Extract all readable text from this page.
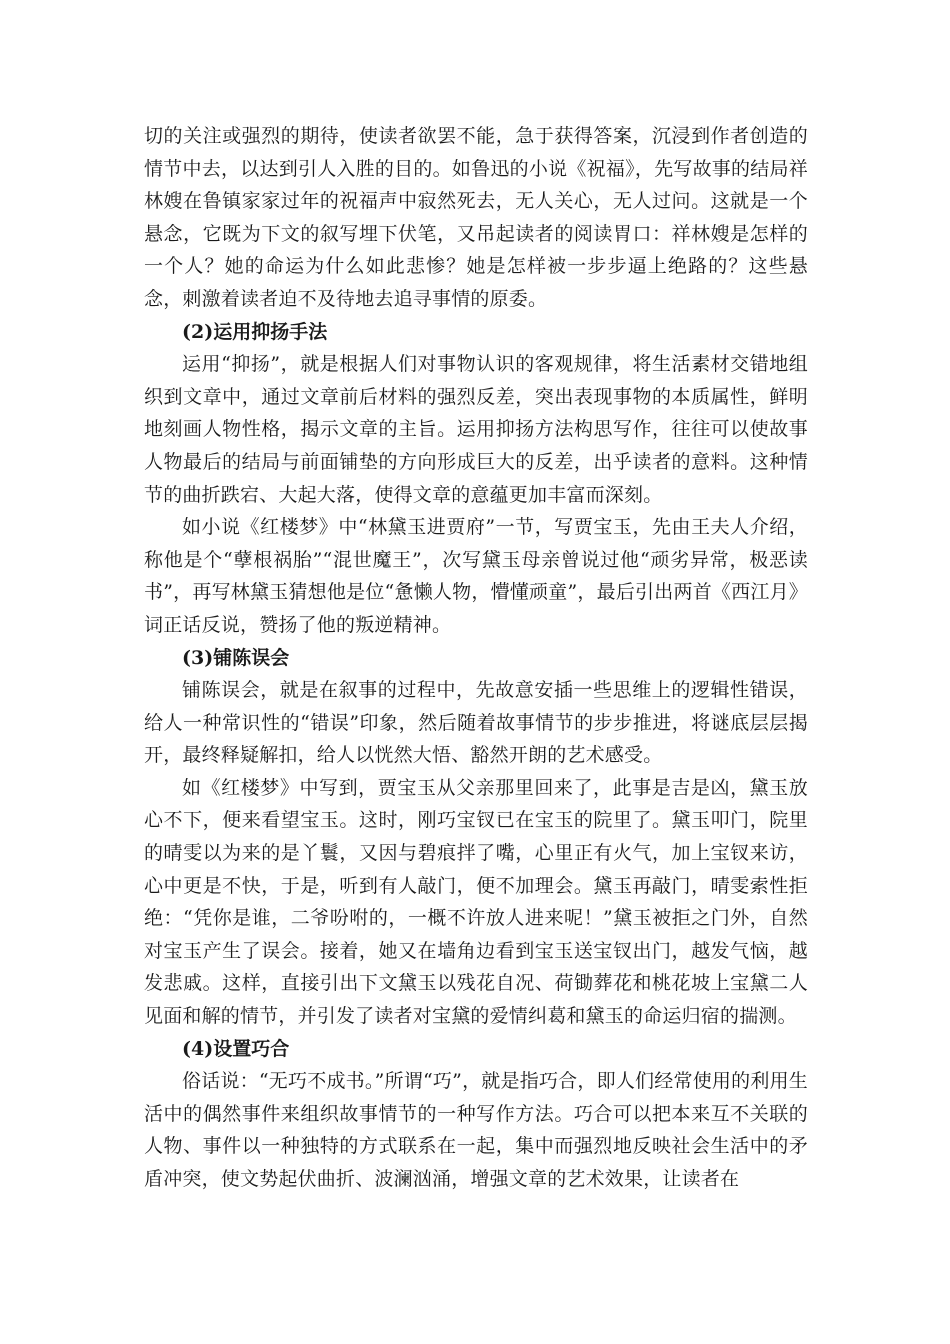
切的关注或强烈的期待，使读者欲罢不能，急于获得答案，沉浸到作者创造的情节中去，以达到引人入胜的目的。如鲁迅的小说《祝福》，先写故事的结局祥林嫂在鲁镇家家过年的祝福声中寂然死去，无人关心，无人过问。这就是一个悬念，它既为下文的叙写埋下伏笔，又吊起读者的阅读胃口：祥林嫂是怎样的一个人？她的命运为什么如此悲惨？她是怎样被一步步逼上绝路的？这些悬念，刺激着读者迫不及待地去追寻事情的原委。

(2)运用抑扬手法

运用“抑扬”，就是根据人们对事物认识的客观规律，将生活素材交错地组织到文章中，通过文章前后材料的强烈反差，突出表现事物的本质属性，鲜明地刻画人物性格，揭示文章的主旨。运用抑扬方法构思写作，往往可以使故事人物最后的结局与前面铺垫的方向形成巨大的反差，出乎读者的意料。这种情节的曲折跌宕、大起大落，使得文章的意蕴更加丰富而深刻。

如小说《红楼梦》中“林黛玉进贾府”一节，写贾宝玉，先由王夫人介绍，称他是个“孽根祸胎”“混世魔王”，次写黛玉母亲曾说过他“顽劣异常，极恶读书”，再写林黛玉猜想他是位“惫懒人物，懵懂顽童”，最后引出两首《西江月》词正话反说，赞扬了他的叛逆精神。

(3)铺陈误会

铺陈误会，就是在叙事的过程中，先故意安插一些思维上的逻辑性错误，给人一种常识性的“错误”印象，然后随着故事情节的步步推进，将谜底层层揭开，最终释疑解扣，给人以恍然大悟、豁然开朗的艺术感受。

如《红楼梦》中写到，贾宝玉从父亲那里回来了，此事是吉是凶，黛玉放心不下，便来看望宝玉。这时，刚巧宝钗已在宝玉的院里了。黛玉叩门，院里的晴雯以为来的是丫鬟，又因与碧痕拌了嘴，心里正有火气，加上宝钗来访，心中更是不快，于是，听到有人敲门，便不加理会。黛玉再敲门，晴雯索性拒绝：“凭你是谁，二爷吩咐的，一概不许放人进来呢！”黛玉被拒之门外，自然对宝玉产生了误会。接着，她又在墙角边看到宝玉送宝钗出门，越发气恼，越发悲戚。这样，直接引出下文黛玉以残花自况、荷锄葬花和桃花坡上宝黛二人见面和解的情节，并引发了读者对宝黛的爱情纠葛和黛玉的命运归宿的揣测。

(4)设置巧合

俗话说：“无巧不成书。”所谓“巧”，就是指巧合，即人们经常使用的利用生活中的偶然事件来组织故事情节的一种写作方法。巧合可以把本来互不关联的人物、事件以一种独特的方式联系在一起，集中而强烈地反映社会生活中的矛盾冲突，使文势起伏曲折、波澜汹涌，增强文章的艺术效果，让读者在
